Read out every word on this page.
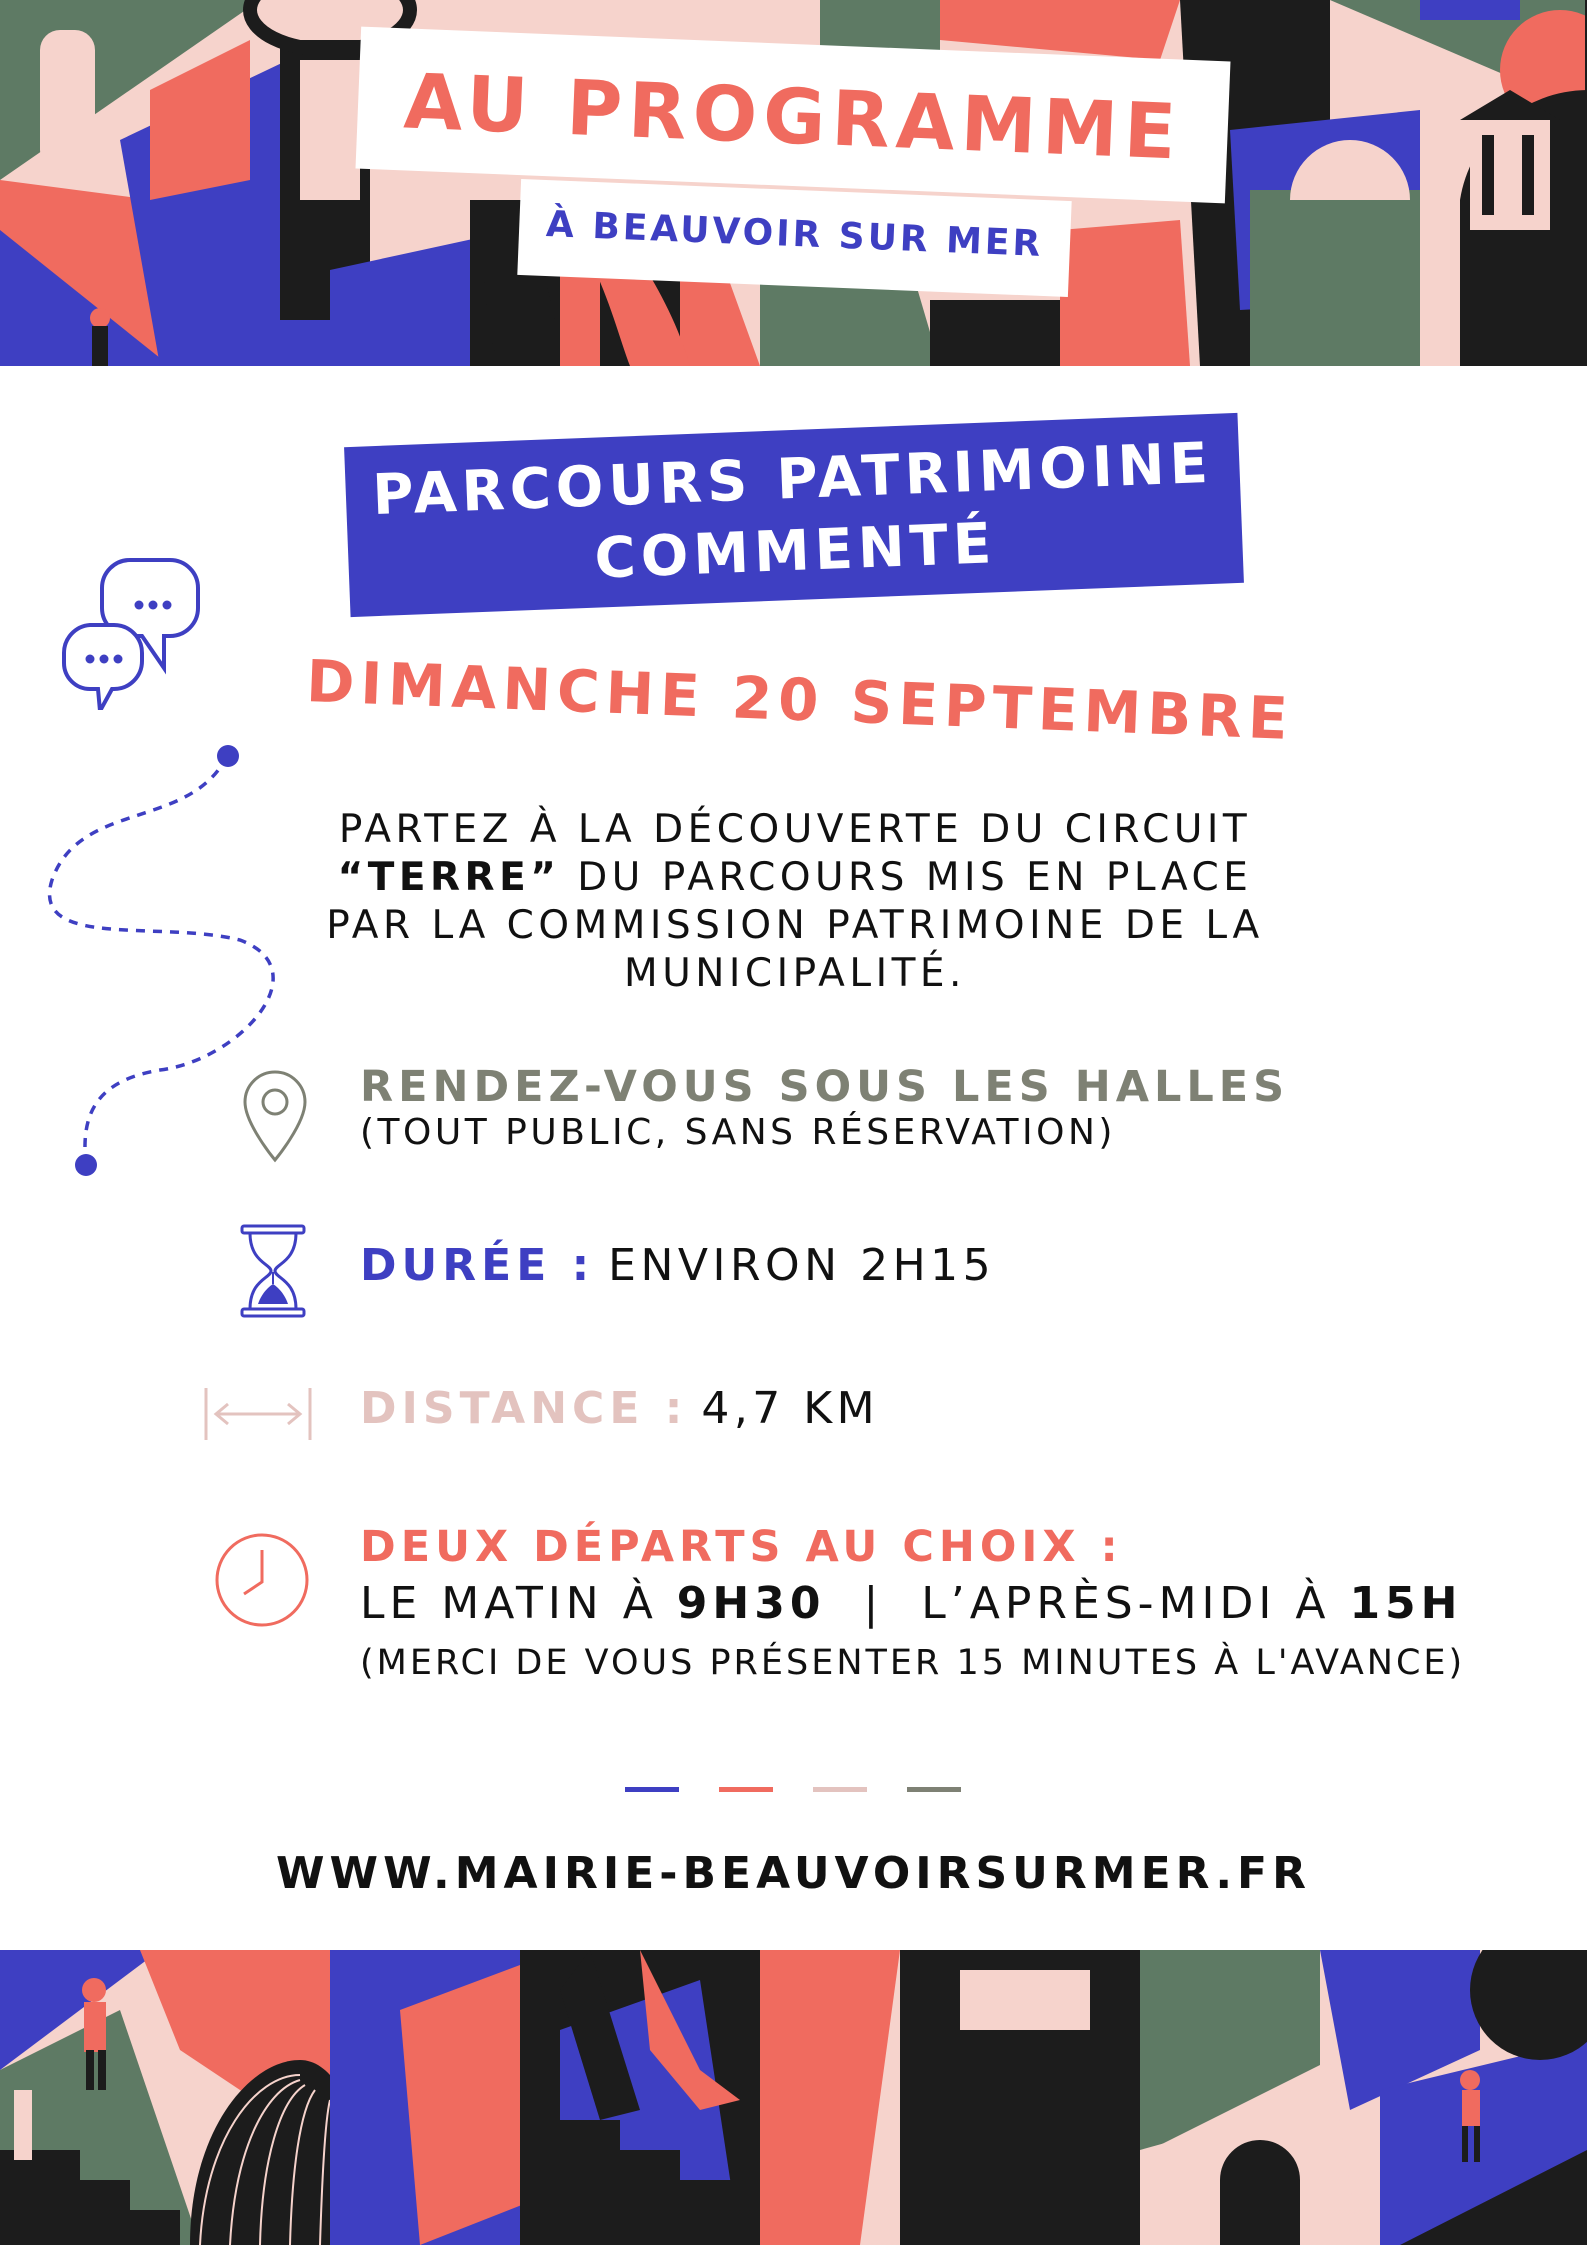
AU PROGRAMME
À BEAUVOIR SUR MER
PARCOURS PATRIMOINE
COMMENTÉ
DIMANCHE 20 SEPTEMBRE
PARTEZ À LA DÉCOUVERTE DU CIRCUIT
“TERRE” DU PARCOURS MIS EN PLACE
PAR LA COMMISSION PATRIMOINE DE LA
MUNICIPALITÉ.
RENDEZ-VOUS SOUS LES HALLES
(TOUT PUBLIC, SANS RÉSERVATION)
DURÉE : ENVIRON 2H15
DISTANCE : 4,7 KM
DEUX DÉPARTS AU CHOIX :
LE MATIN À 9H30  |  L’APRÈS-MIDI À 15H
(MERCI DE VOUS PRÉSENTER 15 MINUTES À L'AVANCE)
WWW.MAIRIE-BEAUVOIRSURMER.FR
